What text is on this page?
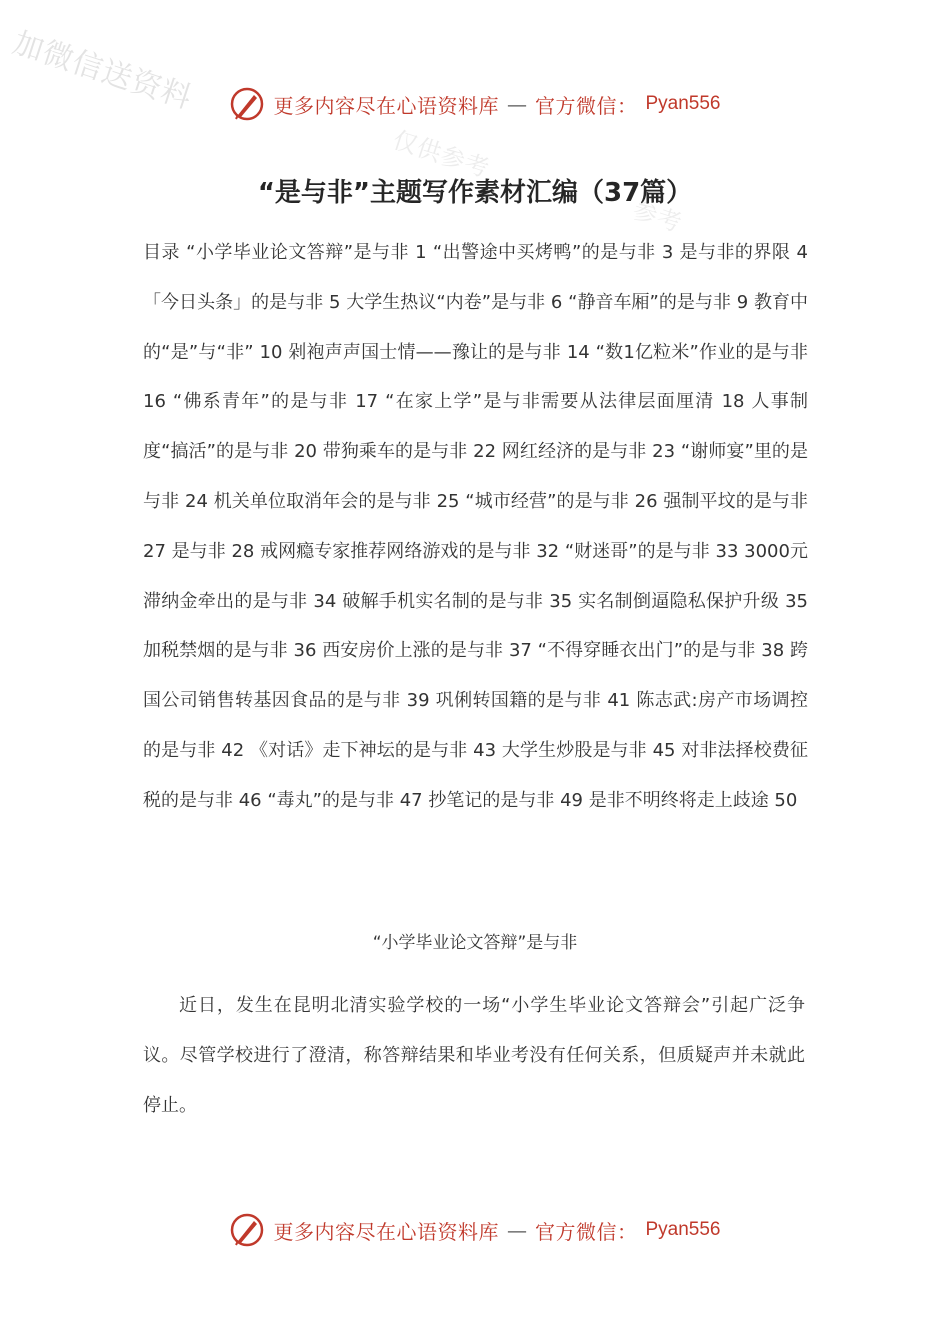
加微信送资料
仅供参考
参考
更多内容尽在心语资料库 — 官方微信： Pyan556
“是与非”主题写作素材汇编（37篇）
目录 “小学毕业论文答辩”是与非 1 “出警途中买烤鸭”的是与非 3 是与非的界限 4 「今日头条」的是与非 5 大学生热议“内卷”是与非 6 “静音车厢”的是与非 9 教育中的“是”与“非” 10 剁袍声声国士情——豫让的是与非 14 “数1亿粒米”作业的是与非 16 “佛系青年”的是与非 17 “在家上学”是与非需要从法律层面厘清 18 人事制度“搞活”的是与非 20 带狗乘车的是与非 22 网红经济的是与非 23 “谢师宴”里的是与非 24 机关单位取消年会的是与非 25 “城市经营”的是与非 26 强制平坟的是与非 27 是与非 28 戒网瘾专家推荐网络游戏的是与非 32 “财迷哥”的是与非 33 3000元滞纳金牵出的是与非 34 破解手机实名制的是与非 35 实名制倒逼隐私保护升级 35 加税禁烟的是与非 36 西安房价上涨的是与非 37 “不得穿睡衣出门”的是与非 38 跨国公司销售转基因食品的是与非 39 巩俐转国籍的是与非 41 陈志武:房产市场调控的是与非 42 《对话》走下神坛的是与非 43 大学生炒股是与非 45 对非法择校费征税的是与非 46 “毒丸”的是与非 47 抄笔记的是与非 49 是非不明终将走上歧途 50
“小学毕业论文答辩”是与非
近日，发生在昆明北清实验学校的一场“小学生毕业论文答辩会”引起广泛争议。尽管学校进行了澄清，称答辩结果和毕业考没有任何关系，但质疑声并未就此停止。
更多内容尽在心语资料库 — 官方微信： Pyan556
